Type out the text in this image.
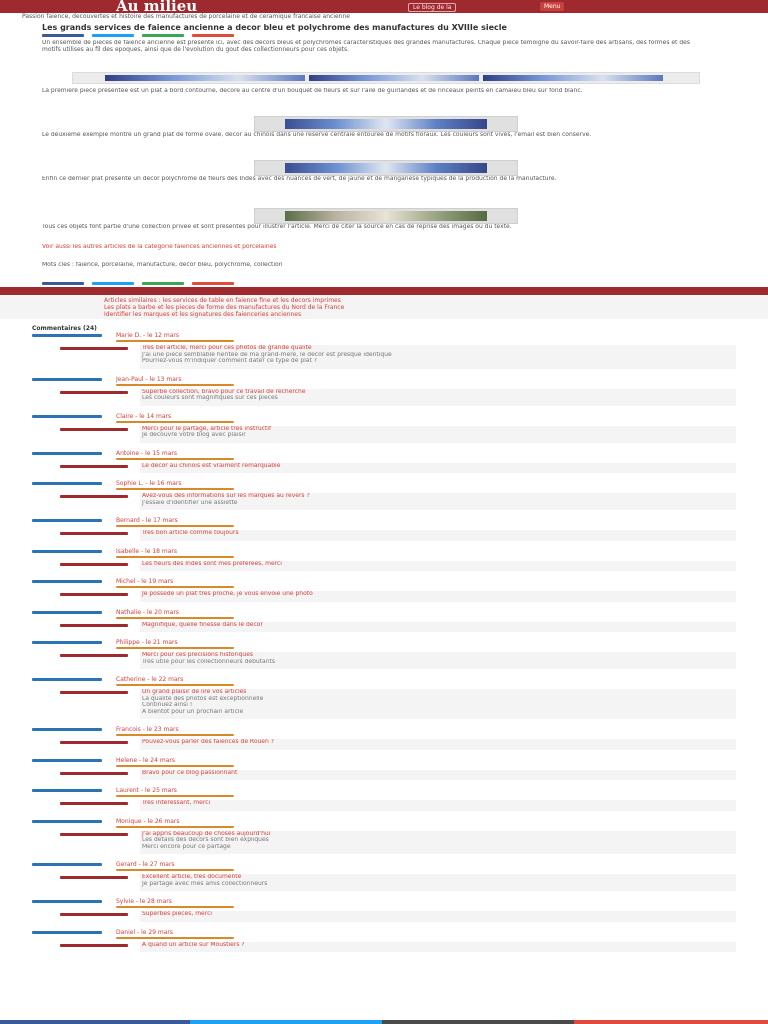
Au milieu	Le blog de la	Menu
Passion faience, decouvertes et histoire des manufactures de porcelaine et de ceramique francaise ancienne
Les grands services de faience ancienne a decor bleu et polychrome des manufactures du XVIIIe siecle
Un ensemble de pieces de faience ancienne est presente ici, avec des decors bleus et polychromes caracteristiques des grandes manufactures. Chaque piece temoigne du savoir-faire des artisans, des formes et des motifs utilises au fil des epoques, ainsi que de l'evolution du gout des collectionneurs pour ces objets.
La premiere piece presentee est un plat a bord contourne, decore au centre d'un bouquet de fleurs et sur l'aile de guirlandes et de rinceaux peints en camaieu bleu sur fond blanc.
Le deuxieme exemple montre un grand plat de forme ovale, decor au chinois dans une reserve centrale entouree de motifs floraux. Les couleurs sont vives, l'email est bien conserve.
Enfin ce dernier plat presente un decor polychrome de fleurs des Indes avec des nuances de vert, de jaune et de manganese typiques de la production de la manufacture.
Tous ces objets font partie d'une collection privee et sont presentes pour illustrer l'article. Merci de citer la source en cas de reprise des images ou du texte.
Voir aussi les autres articles de la categorie faiences anciennes et porcelaines
Mots cles : faience, porcelaine, manufacture, decor bleu, polychrome, collection
Articles similaires : les services de table en faience fine et les decors imprimes
Les plats a barbe et les pieces de forme des manufactures du Nord de la France
Identifier les marques et les signatures des faienceries anciennes
Commentaires (24)
Marie D. - le 12 mars
Tres bel article, merci pour ces photos de grande qualite
J'ai une piece semblable heritee de ma grand-mere, le decor est presque identique
Pourriez-vous m'indiquer comment dater ce type de plat ?
Jean-Paul - le 13 mars
Superbe collection, bravo pour ce travail de recherche
Les couleurs sont magnifiques sur ces pieces
Claire - le 14 mars
Merci pour le partage, article tres instructif
Je decouvre votre blog avec plaisir
Antoine - le 15 mars
Le decor au chinois est vraiment remarquable
Sophie L. - le 16 mars
Avez-vous des informations sur les marques au revers ?
J'essaie d'identifier une assiette
Bernard - le 17 mars
Tres bon article comme toujours
Isabelle - le 18 mars
Les fleurs des Indes sont mes preferees, merci
Michel - le 19 mars
Je possede un plat tres proche, je vous envoie une photo
Nathalie - le 20 mars
Magnifique, quelle finesse dans le decor
Philippe - le 21 mars
Merci pour ces precisions historiques
Tres utile pour les collectionneurs debutants
Catherine - le 22 mars
Un grand plaisir de lire vos articles
La qualite des photos est exceptionnelle
Continuez ainsi !
A bientot pour un prochain article
Francois - le 23 mars
Pouvez-vous parler des faiences de Rouen ?
Helene - le 24 mars
Bravo pour ce blog passionnant
Laurent - le 25 mars
Tres interessant, merci
Monique - le 26 mars
J'ai appris beaucoup de choses aujourd'hui
Les details des decors sont bien expliques
Merci encore pour ce partage
Gerard - le 27 mars
Excellent article, tres documente
Je partage avec mes amis collectionneurs
Sylvie - le 28 mars
Superbes pieces, merci
Daniel - le 29 mars
A quand un article sur Moustiers ?
